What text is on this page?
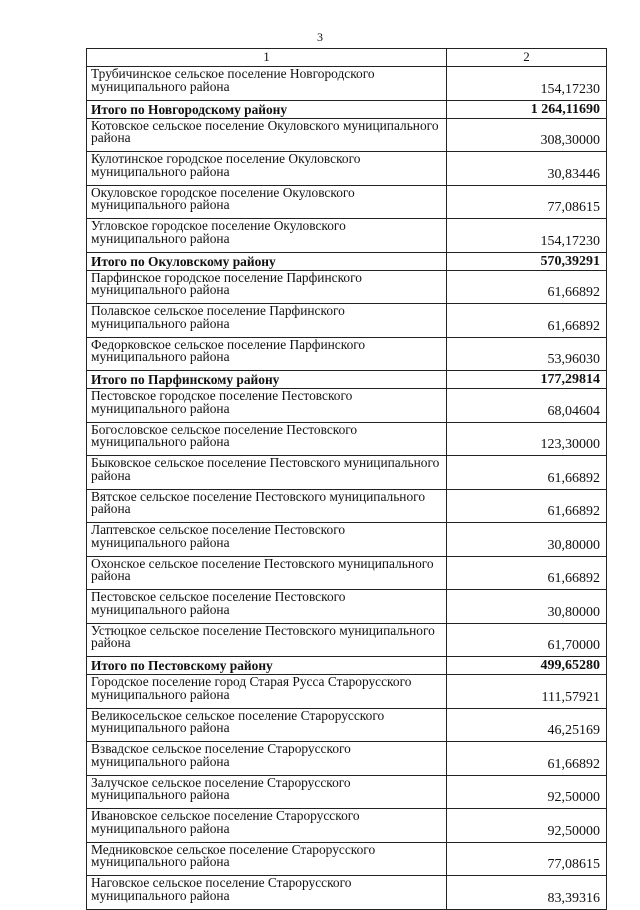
3
1	2
Трубичинское сельское поселение Новгородского муниципального района	154,17230
Итого по Новгородскому району	1 264,11690
Котовское сельское поселение Окуловского муниципального района	308,30000
Кулотинское городское поселение Окуловского муниципального района	30,83446
Окуловское городское поселение Окуловского муниципального района	77,08615
Угловское городское поселение Окуловского муниципального района	154,17230
Итого по Окуловскому району	570,39291
Парфинское городское поселение Парфинского муниципального района	61,66892
Полавское сельское поселение Парфинского муниципального района	61,66892
Федорковское сельское поселение Парфинского муниципального района	53,96030
Итого по Парфинскому району	177,29814
Пестовское городское поселение Пестовского муниципального района	68,04604
Богословское сельское поселение Пестовского муниципального района	123,30000
Быковское сельское поселение Пестовского муниципального района	61,66892
Вятское сельское поселение Пестовского муниципального района	61,66892
Лаптевское сельское поселение Пестовского муниципального района	30,80000
Охонское сельское поселение Пестовского муниципального района	61,66892
Пестовское сельское поселение Пестовского муниципального района	30,80000
Устюцкое сельское поселение Пестовского муниципального района	61,70000
Итого по Пестовскому району	499,65280
Городское поселение город Старая Русса Старорусского муниципального района	111,57921
Великосельское сельское поселение Старорусского муниципального района	46,25169
Взвадское сельское поселение Старорусского муниципального района	61,66892
Залучское сельское поселение Старорусского муниципального района	92,50000
Ивановское сельское поселение Старорусского муниципального района	92,50000
Медниковское сельское поселение Старорусского муниципального района	77,08615
Наговское сельское поселение Старорусского муниципального района	83,39316
